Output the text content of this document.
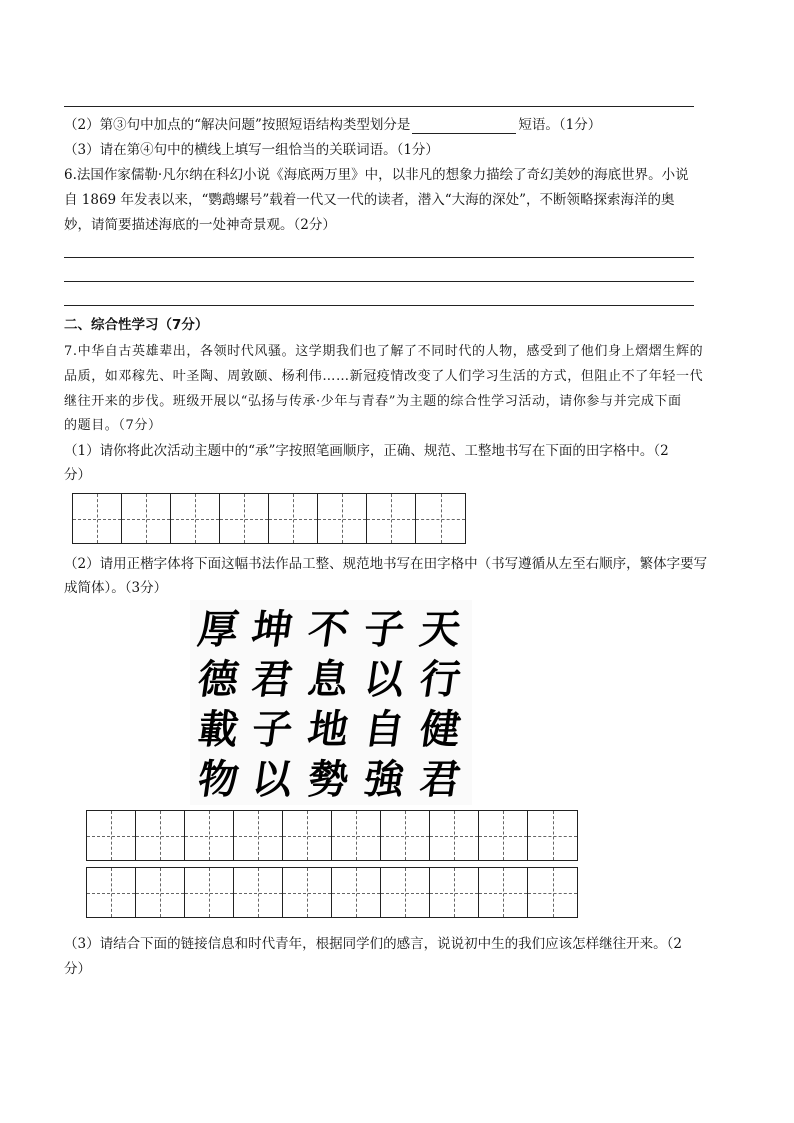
（2）第③句中加点的“解决问题”按照短语结构类型划分是	短语。（1分）
（3）请在第④句中的横线上填写一组恰当的关联词语。（1分）
6.法国作家儒勒·凡尔纳在科幻小说《海底两万里》中，以非凡的想象力描绘了奇幻美妙的海底世界。小说
自 1869 年发表以来，“鹦鹉螺号”载着一代又一代的读者，潜入“大海的深处”，不断领略探索海洋的奥
妙，请简要描述海底的一处神奇景观。（2分）
二、综合性学习（7分）
7.中华自古英雄辈出，各领时代风骚。这学期我们也了解了不同时代的人物，感受到了他们身上熠熠生辉的
品质，如邓稼先、叶圣陶、周敦颐、杨利伟……新冠疫情改变了人们学习生活的方式，但阻止不了年轻一代
继往开来的步伐。班级开展以“弘扬与传承·少年与青春”为主题的综合性学习活动，请你参与并完成下面
的题目。（7分）
（1）请你将此次活动主题中的“承”字按照笔画顺序，正确、规范、工整地书写在下面的田字格中。（2
分）
（2）请用正楷字体将下面这幅书法作品工整、规范地书写在田字格中（书写遵循从左至右顺序，繁体字要写
成简体）。（3分）
厚
德
載
物
坤
君
子
以
不
息
地
勢
子
以
自
強
天
行
健
君
（3）请结合下面的链接信息和时代青年，根据同学们的感言，说说初中生的我们应该怎样继往开来。（2
分）
